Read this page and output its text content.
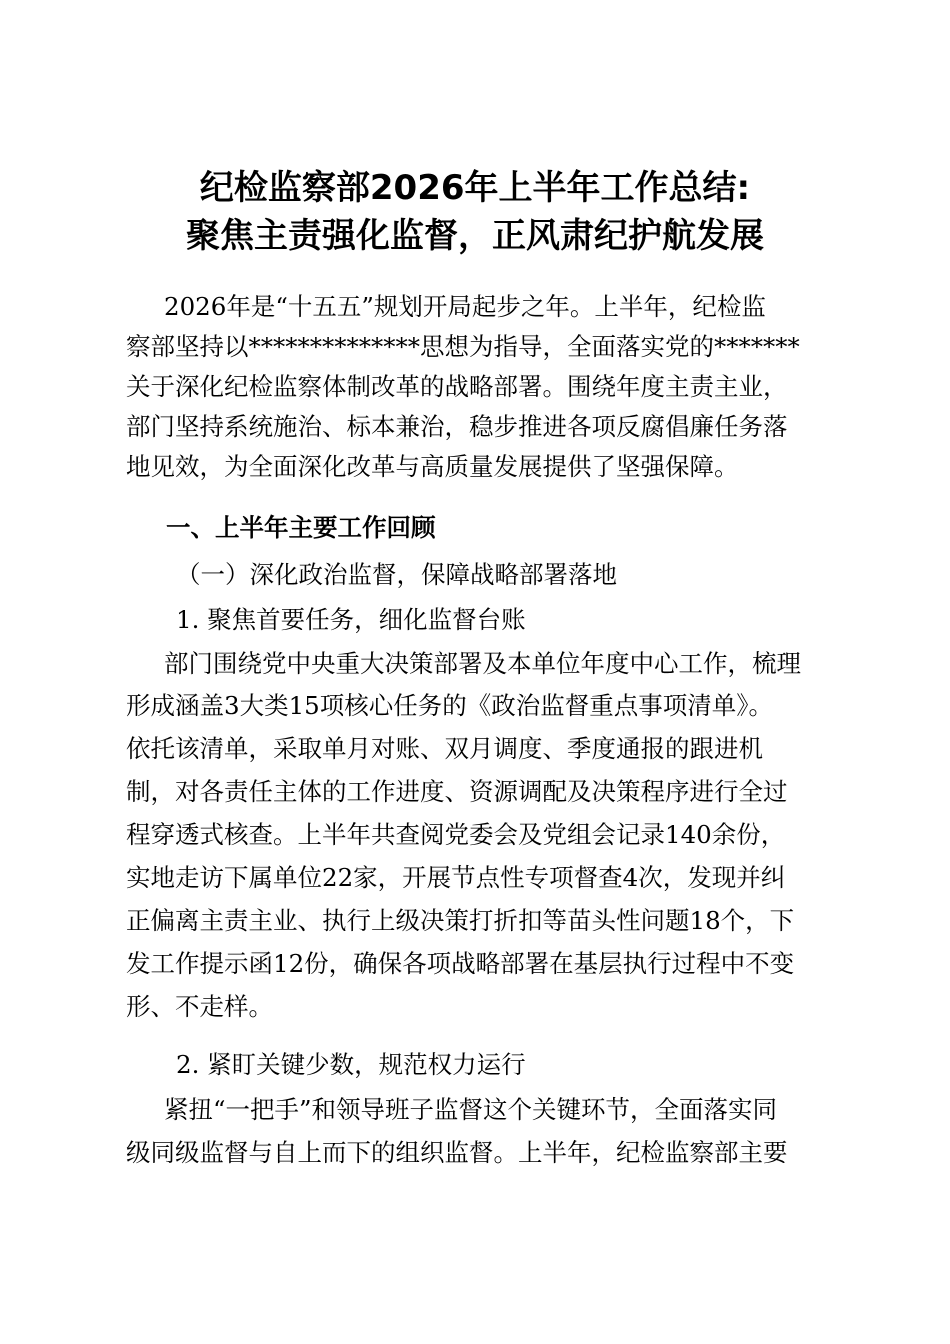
纪检监察部2026年上半年工作总结:
聚焦主责强化监督，正风肃纪护航发展
2026年是“十五五”规划开局起步之年。上半年，纪检监
察部坚持以**************思想为指导，全面落实党的*******
关于深化纪检监察体制改革的战略部署。围绕年度主责主业，
部门坚持系统施治、标本兼治，稳步推进各项反腐倡廉任务落
地见效，为全面深化改革与高质量发展提供了坚强保障。
一、上半年主要工作回顾
（一）深化政治监督，保障战略部署落地
1. 聚焦首要任务，细化监督台账
部门围绕党中央重大决策部署及本单位年度中心工作，梳理
形成涵盖3大类15项核心任务的《政治监督重点事项清单》。
依托该清单，采取单月对账、双月调度、季度通报的跟进机
制，对各责任主体的工作进度、资源调配及决策程序进行全过
程穿透式核查。上半年共查阅党委会及党组会记录140余份，
实地走访下属单位22家，开展节点性专项督查4次，发现并纠
正偏离主责主业、执行上级决策打折扣等苗头性问题18个，下
发工作提示函12份，确保各项战略部署在基层执行过程中不变
形、不走样。
2. 紧盯关键少数，规范权力运行
紧扭“一把手”和领导班子监督这个关键环节，全面落实同
级同级监督与自上而下的组织监督。上半年，纪检监察部主要
